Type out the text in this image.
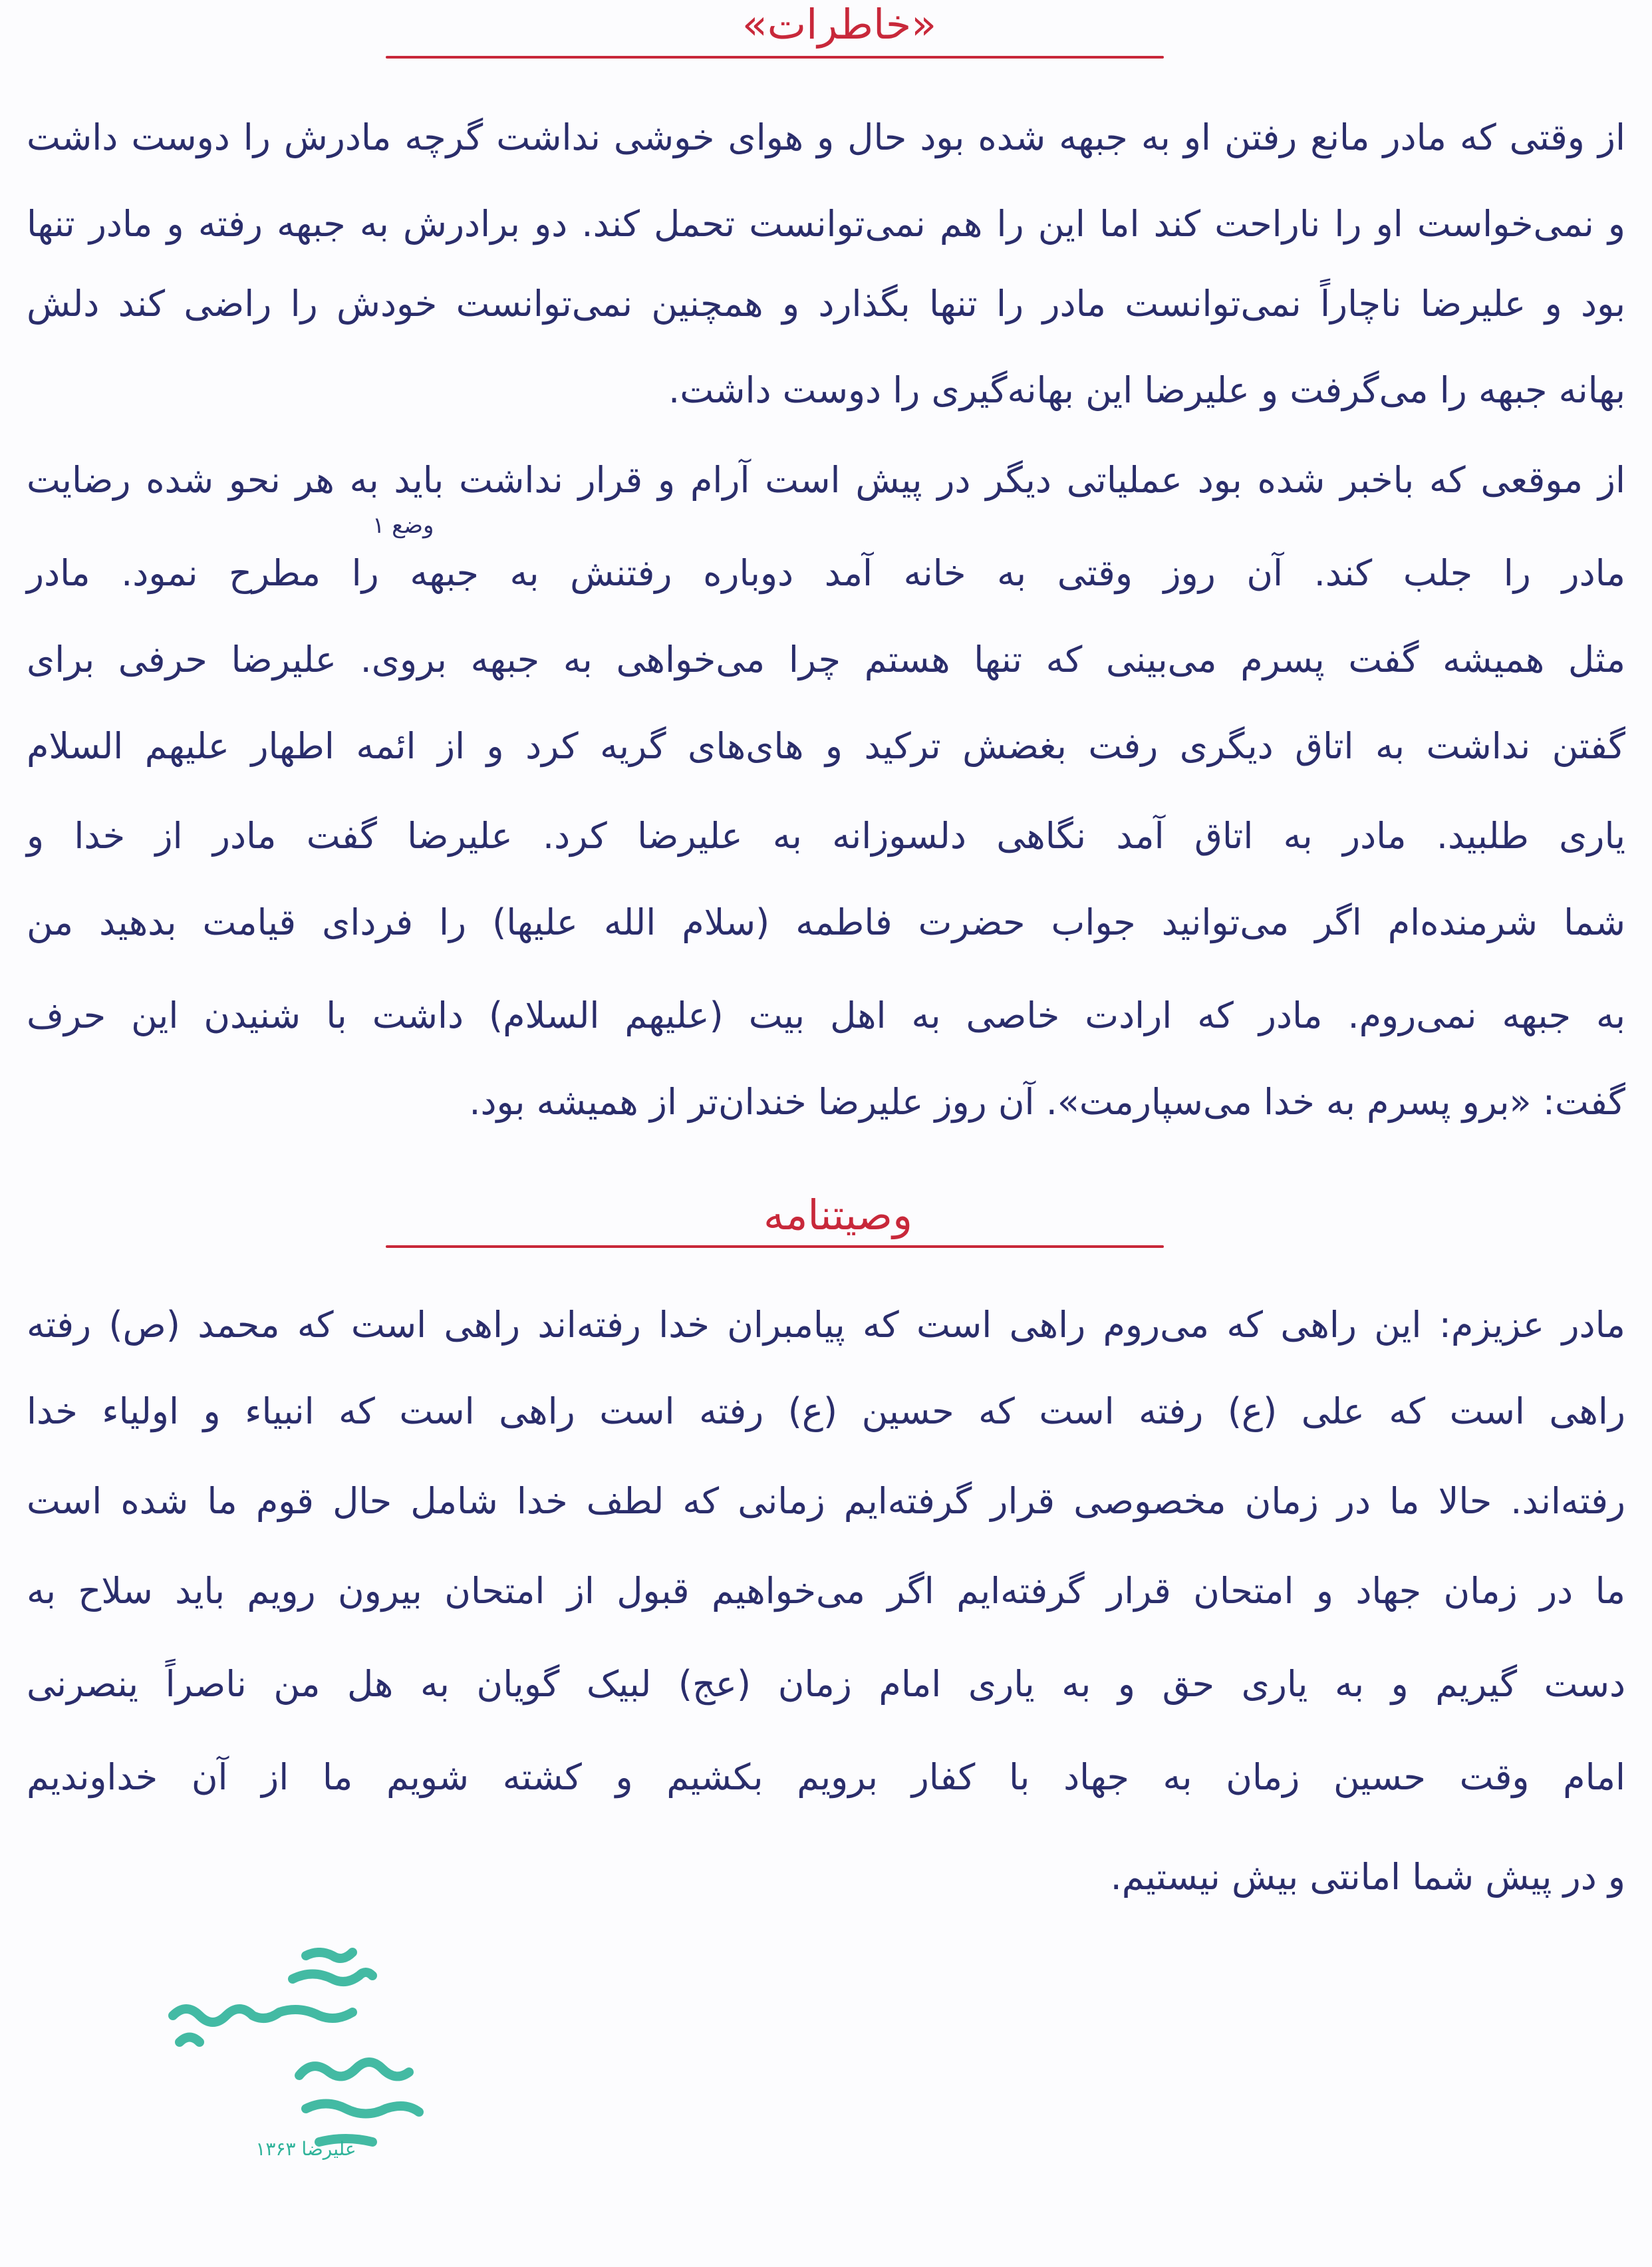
«خاطرات»
از وقتی که مادر مانع رفتن او به جبهه شده بود حال و هوای خوشی نداشت گرچه مادرش را دوست داشت
و نمی‌خواست او را ناراحت کند اما این را هم نمی‌توانست تحمل کند. دو برادرش به جبهه رفته و مادر تنها
بود و علیرضا ناچاراً نمی‌توانست مادر را تنها بگذارد و همچنین نمی‌توانست خودش را راضی کند دلش
بهانه جبهه را می‌گرفت و علیرضا این بهانه‌گیری را دوست داشت.
از موقعی که باخبر شده بود عملیاتی دیگر در پیش است آرام و قرار نداشت باید به هر نحو شده رضایت
وضع ۱
مادر را جلب کند. آن روز وقتی به خانه آمد دوباره رفتنش به جبهه را مطرح نمود. مادر
مثل همیشه گفت پسرم می‌بینی که تنها هستم چرا می‌خواهی به جبهه بروی. علیرضا حرفی برای
گفتن نداشت به اتاق دیگری رفت بغضش ترکید و های‌های گریه کرد و از ائمه اطهار علیهم السلام
یاری طلبید. مادر به اتاق آمد نگاهی دلسوزانه به علیرضا کرد. علیرضا گفت مادر از خدا و
شما شرمنده‌ام اگر می‌توانید جواب حضرت فاطمه (سلام الله علیها) را فردای قیامت بدهید من
به جبهه نمی‌روم. مادر که ارادت خاصی به اهل بیت (علیهم السلام) داشت با شنیدن این حرف
گفت: «برو پسرم به خدا می‌سپارمت». آن روز علیرضا خندان‌تر از همیشه بود.
وصیتنامه
مادر عزیزم: این راهی که می‌روم راهی است که پیامبران خدا رفته‌اند راهی است که محمد (ص) رفته
راهی است که علی (ع) رفته است که حسین (ع) رفته است راهی است که انبیاء و اولیاء خدا
رفته‌اند. حالا ما در زمان مخصوصی قرار گرفته‌ایم زمانی که لطف خدا شامل حال قوم ما شده است
ما در زمان جهاد و امتحان قرار گرفته‌ایم اگر می‌خواهیم قبول از امتحان بیرون رویم باید سلاح به
دست گیریم و به یاری حق و به یاری امام زمان (عج) لبیک گویان به هل من ناصراً ینصرنی
امام وقت حسین زمان به جهاد با کفار برویم بکشیم و کشته شویم ما از آن خداوندیم
و در پیش شما امانتی بیش نیستیم.
علیرضا ۱۳۶۳
